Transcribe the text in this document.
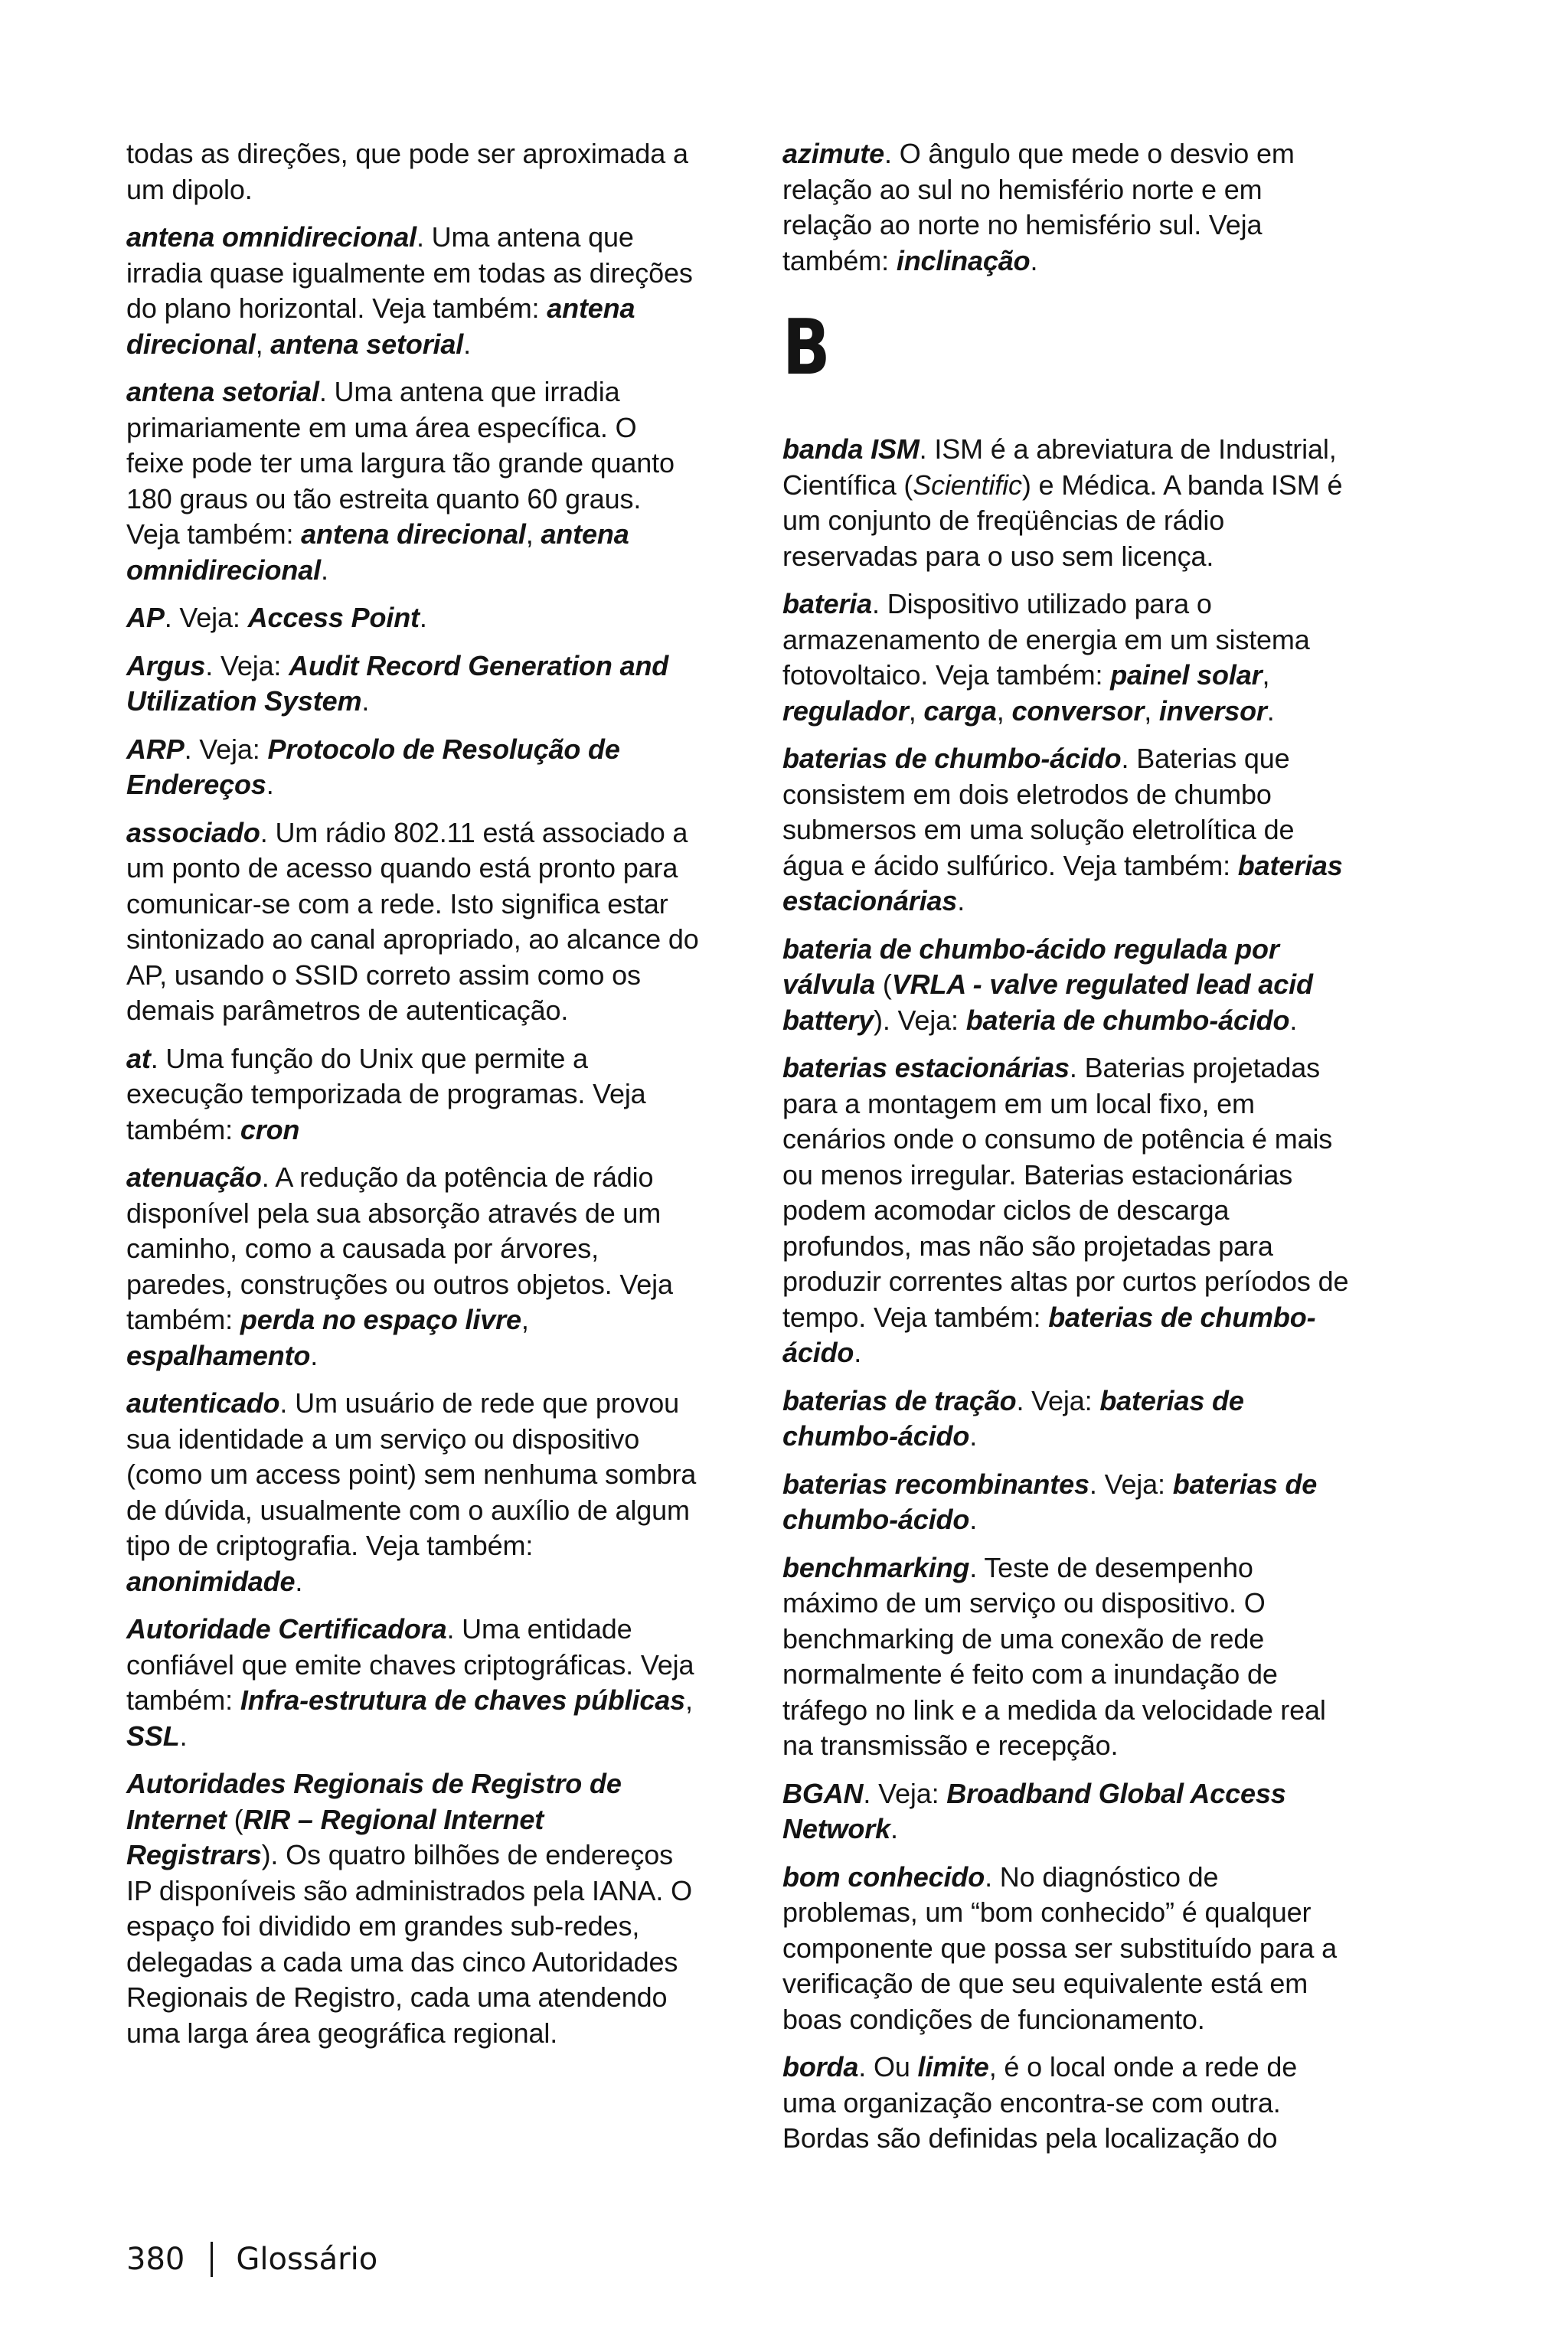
todas as direções, que pode ser aproximada a um dipolo.

antena omnidirecional. Uma antena que irradia quase igualmente em todas as direções do plano horizontal. Veja também: antena direcional, antena setorial.

antena setorial. Uma antena que irradia primariamente em uma área específica. O feixe pode ter uma largura tão grande quanto 180 graus ou tão estreita quanto 60 graus. Veja também: antena direcional, antena omnidirecional.

AP. Veja: Access Point.

Argus. Veja: Audit Record Generation and Utilization System.

ARP. Veja: Protocolo de Resolução de Endereços.

associado. Um rádio 802.11 está associado a um ponto de acesso quando está pronto para comunicar-se com a rede. Isto significa estar sintonizado ao canal apropriado, ao alcance do AP, usando o SSID correto assim como os demais parâmetros de autenticação.

at. Uma função do Unix que permite a execução temporizada de programas. Veja também: cron

atenuação. A redução da potência de rádio disponível pela sua absorção através de um caminho, como a causada por árvores, paredes, construções ou outros objetos. Veja também: perda no espaço livre, espalhamento.

autenticado. Um usuário de rede que provou sua identidade a um serviço ou dispositivo (como um access point) sem nenhuma sombra de dúvida, usualmente com o auxílio de algum tipo de criptografia. Veja também: anonimidade.

Autoridade Certificadora. Uma entidade confiável que emite chaves criptográficas. Veja também: Infra-estrutura de chaves públicas, SSL.

Autoridades Regionais de Registro de Internet (RIR – Regional Internet Registrars). Os quatro bilhões de endereços IP disponíveis são administrados pela IANA. O espaço foi dividido em grandes sub-redes, delegadas a cada uma das cinco Autoridades Regionais de Registro, cada uma atendendo uma larga área geográfica regional.

azimute. O ângulo que mede o desvio em relação ao sul no hemisfério norte e em relação ao norte no hemisfério sul. Veja também: inclinação.

B

banda ISM. ISM é a abreviatura de Industrial, Científica (Scientific) e Médica. A banda ISM é um conjunto de freqüências de rádio reservadas para o uso sem licença.

bateria. Dispositivo utilizado para o armazenamento de energia em um sistema fotovoltaico. Veja também: painel solar, regulador, carga, conversor, inversor.

baterias de chumbo-ácido. Baterias que consistem em dois eletrodos de chumbo submersos em uma solução eletrolítica de água e ácido sulfúrico. Veja também: baterias estacionárias.

bateria de chumbo-ácido regulada por válvula (VRLA - valve regulated lead acid battery). Veja: bateria de chumbo-ácido.

baterias estacionárias. Baterias projetadas para a montagem em um local fixo, em cenários onde o consumo de potência é mais ou menos irregular. Baterias estacionárias podem acomodar ciclos de descarga profundos, mas não são projetadas para produzir correntes altas por curtos períodos de tempo. Veja também: baterias de chumbo-ácido.

baterias de tração. Veja: baterias de chumbo-ácido.

baterias recombinantes. Veja: baterias de chumbo-ácido.

benchmarking. Teste de desempenho máximo de um serviço ou dispositivo. O benchmarking de uma conexão de rede normalmente é feito com a inundação de tráfego no link e a medida da velocidade real na transmissão e recepção.

BGAN. Veja: Broadband Global Access Network.

bom conhecido. No diagnóstico de problemas, um “bom conhecido” é qualquer componente que possa ser substituído para a verificação de que seu equivalente está em boas condições de funcionamento.

borda. Ou limite, é o local onde a rede de uma organização encontra-se com outra. Bordas são definidas pela localização do

380 Glossário
